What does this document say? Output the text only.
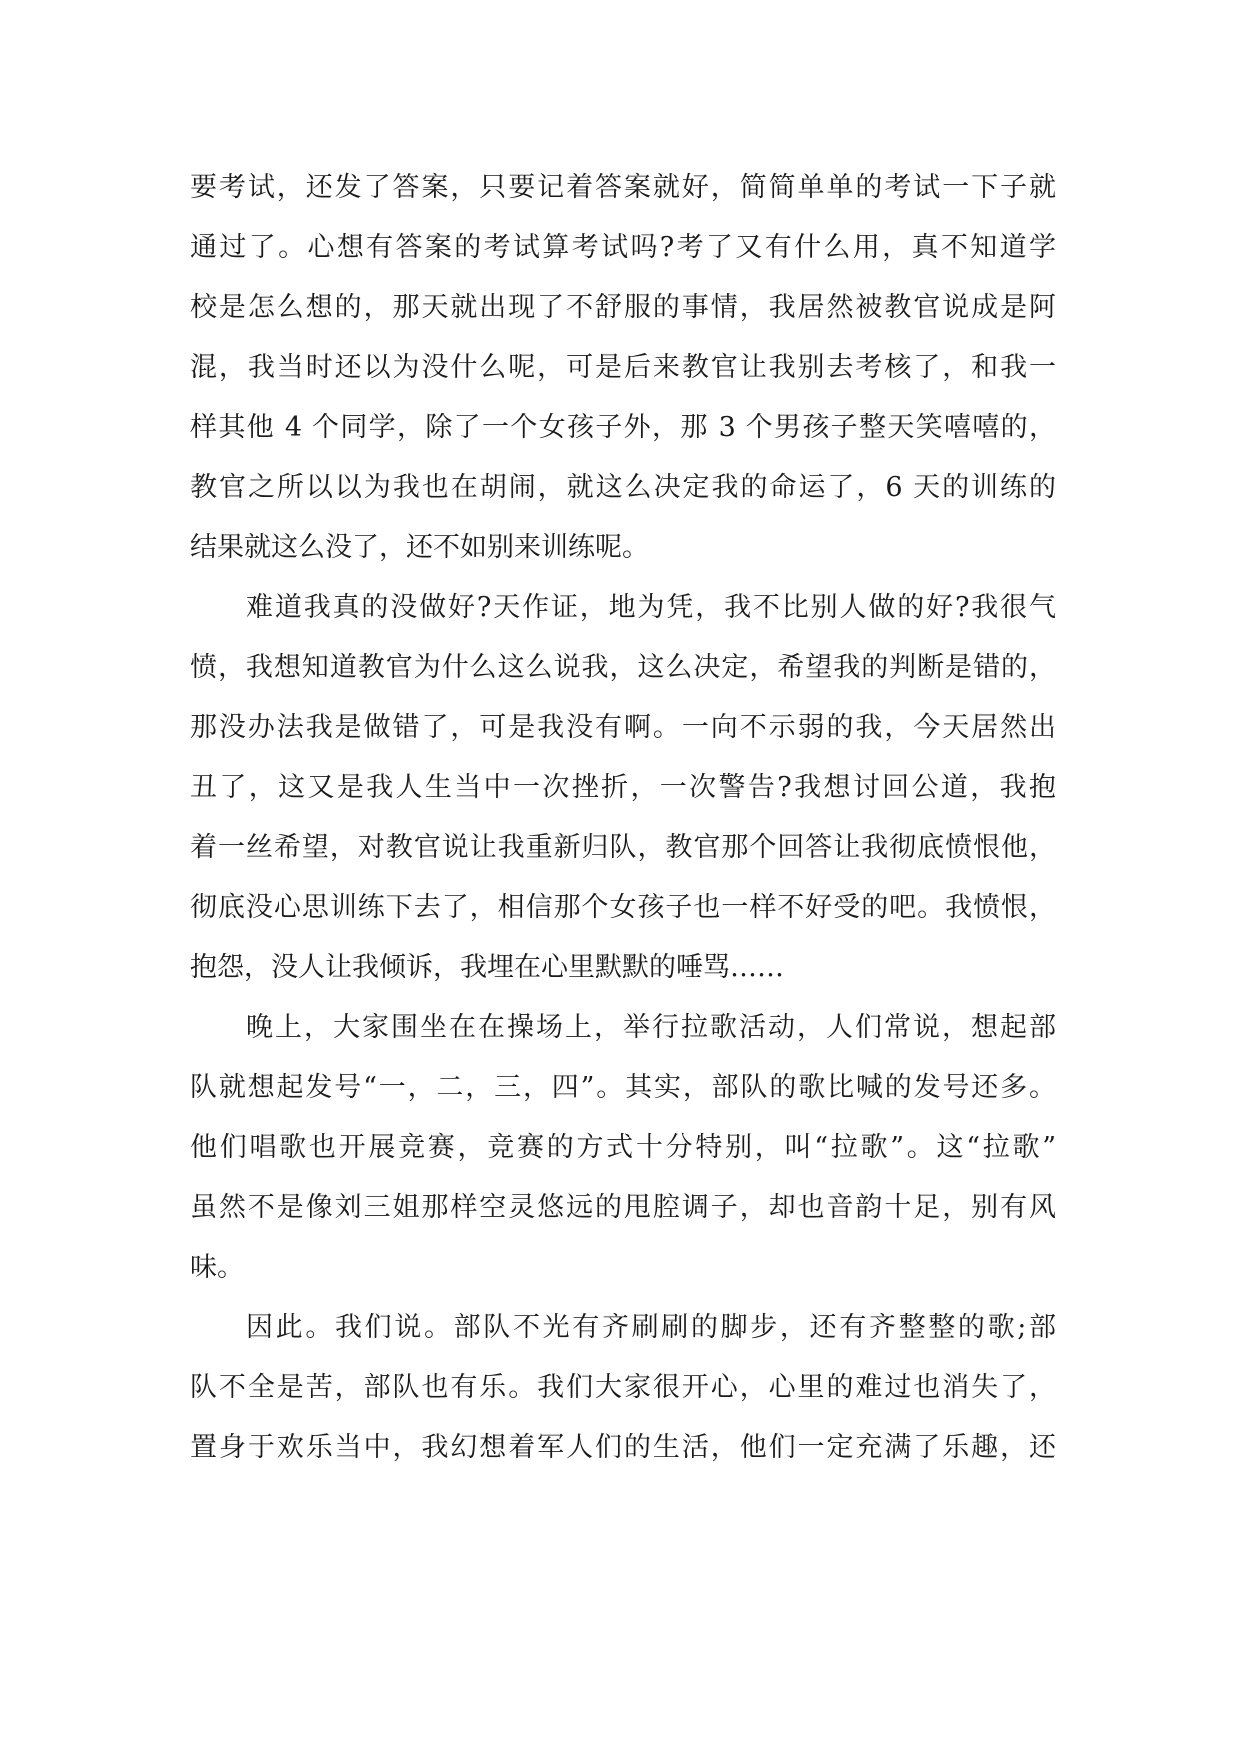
要考试，还发了答案，只要记着答案就好，简简单单的考试一下子就
通过了。心想有答案的考试算考试吗?考了又有什么用，真不知道学
校是怎么想的，那天就出现了不舒服的事情，我居然被教官说成是阿
混，我当时还以为没什么呢，可是后来教官让我别去考核了，和我一
样其他 4 个同学，除了一个女孩子外，那 3 个男孩子整天笑嘻嘻的，
教官之所以以为我也在胡闹，就这么决定我的命运了，6 天的训练的
结果就这么没了，还不如别来训练呢。
难道我真的没做好?天作证，地为凭，我不比别人做的好?我很气
愤，我想知道教官为什么这么说我，这么决定，希望我的判断是错的，
那没办法我是做错了，可是我没有啊。一向不示弱的我，今天居然出
丑了，这又是我人生当中一次挫折，一次警告?我想讨回公道，我抱
着一丝希望，对教官说让我重新归队，教官那个回答让我彻底愤恨他，
彻底没心思训练下去了，相信那个女孩子也一样不好受的吧。我愤恨，
抱怨，没人让我倾诉，我埋在心里默默的唾骂……
晚上，大家围坐在在操场上，举行拉歌活动，人们常说，想起部
队就想起发号“一，二，三，四”。其实，部队的歌比喊的发号还多。
他们唱歌也开展竞赛，竞赛的方式十分特别，叫“拉歌”。这“拉歌”
虽然不是像刘三姐那样空灵悠远的甩腔调子，却也音韵十足，别有风
味。
因此。我们说。部队不光有齐刷刷的脚步，还有齐整整的歌;部
队不全是苦，部队也有乐。我们大家很开心，心里的难过也消失了，
置身于欢乐当中，我幻想着军人们的生活，他们一定充满了乐趣，还
